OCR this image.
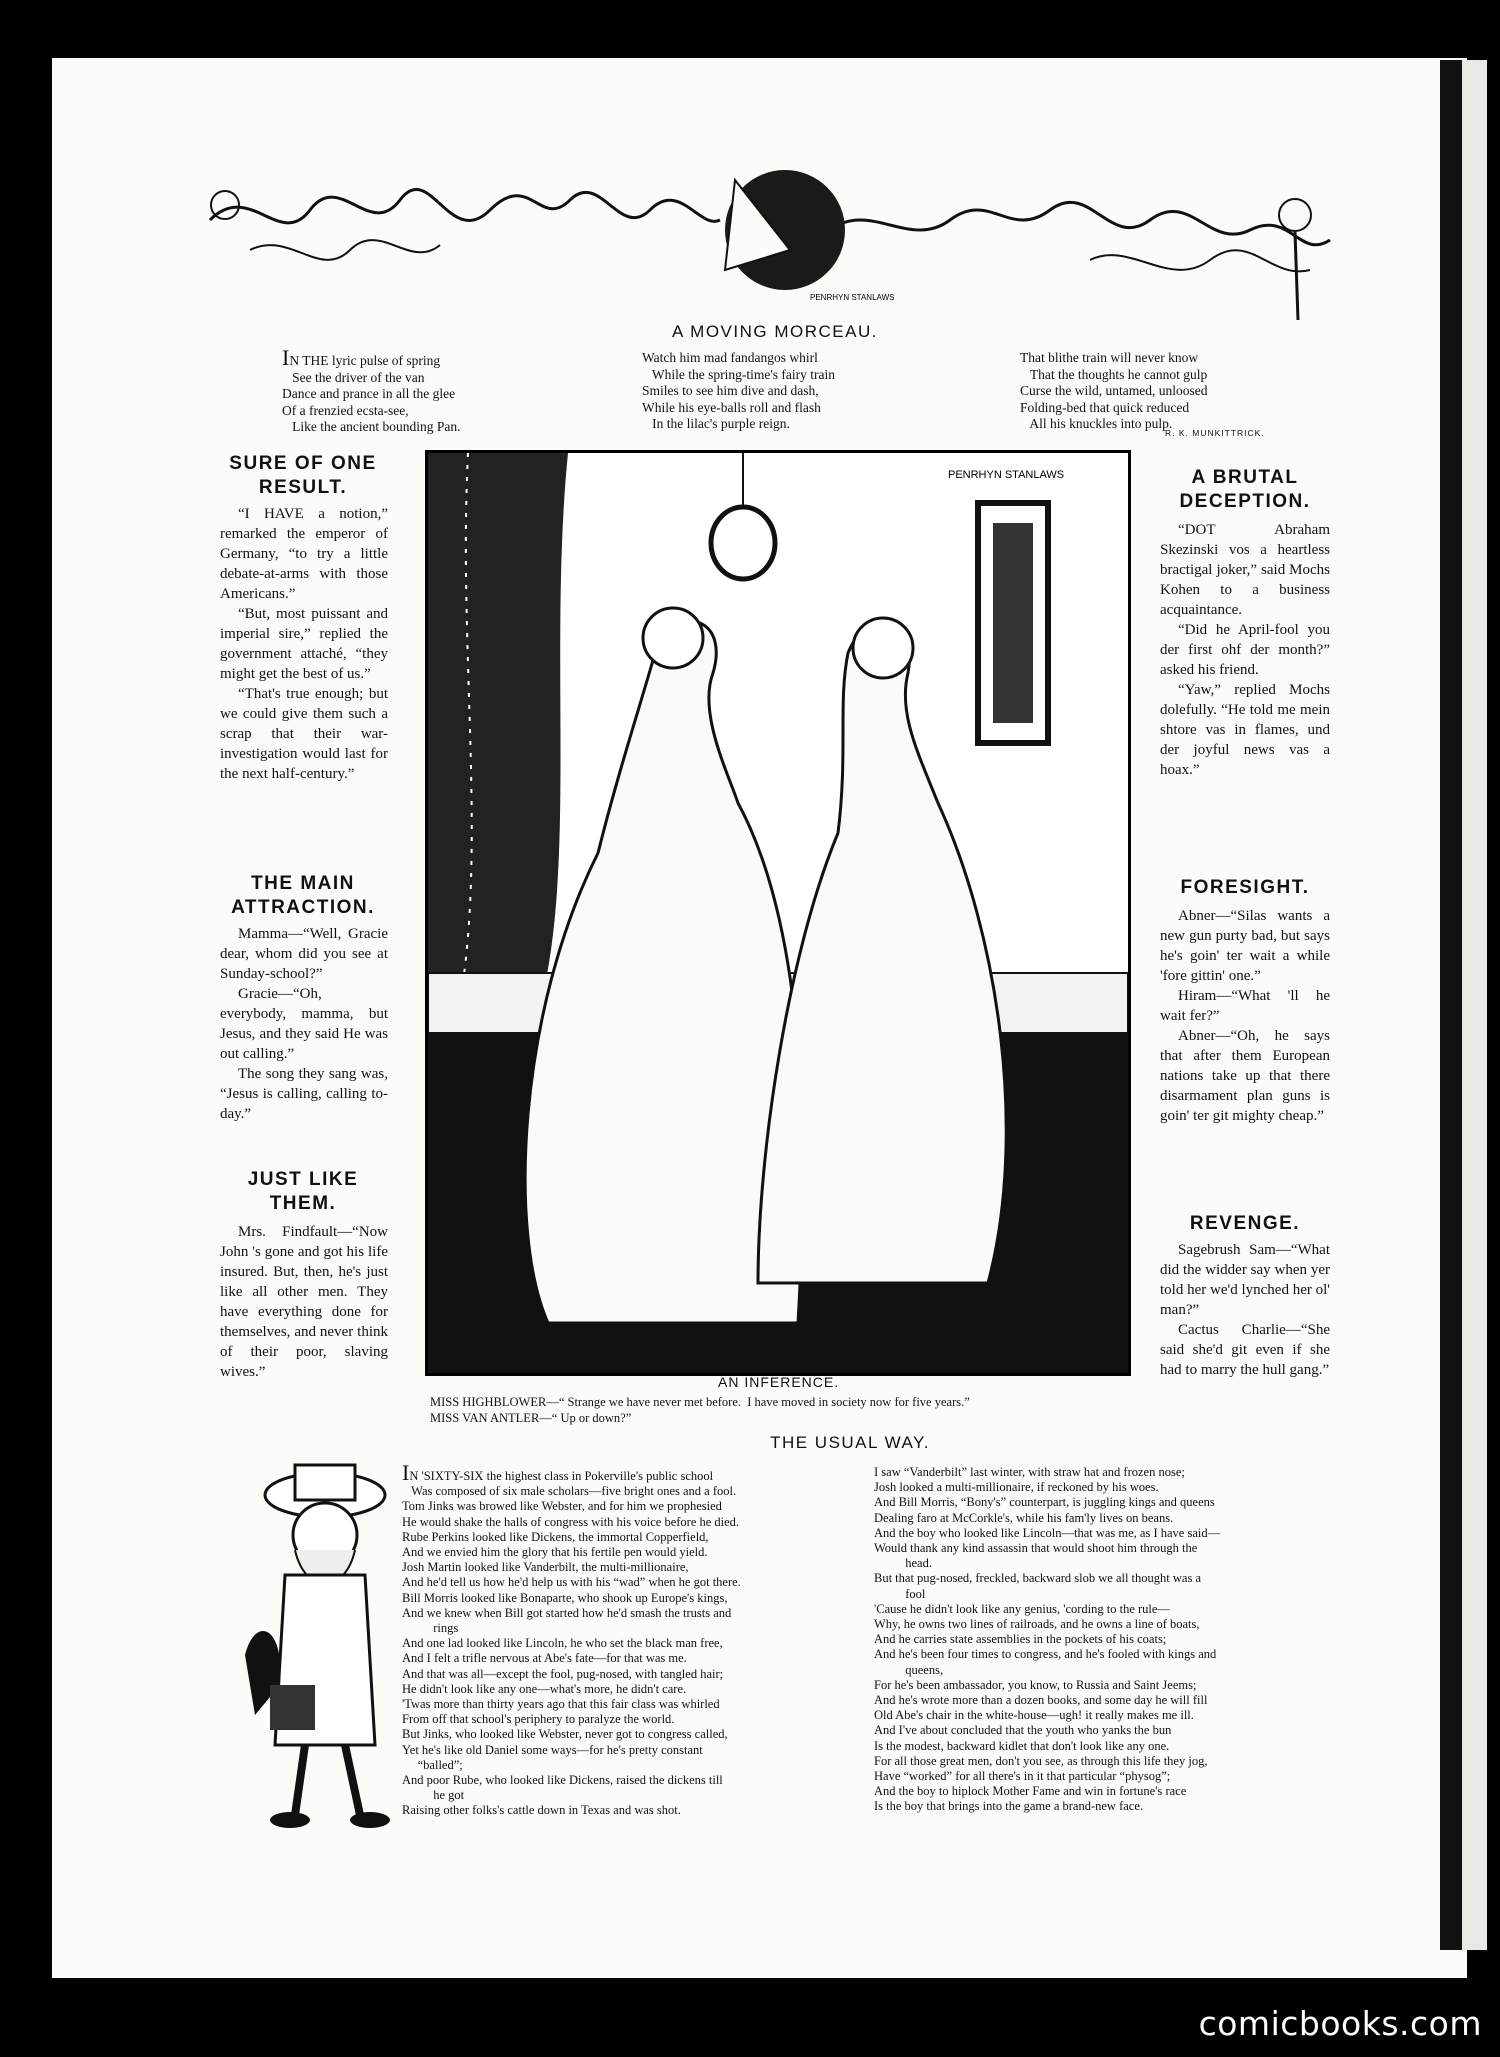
PENRHYN STANLAWS
A MOVING MORCEAU.
IN THE lyric pulse of spring
See the driver of the van
Dance and prance in all the glee
Of a frenzied ecsta-see,
Like the ancient bounding Pan.
Watch him mad fandangos whirl
While the spring-time's fairy train
Smiles to see him dive and dash,
While his eye-balls roll and flash
In the lilac's purple reign.
That blithe train will never know
That the thoughts he cannot gulp
Curse the wild, untamed, unloosed
Folding-bed that quick reduced
All his knuckles into pulp.
R. K. MUNKITTRICK.
SURE OF ONE RESULT.

“I HAVE a notion,” remarked the emperor of Germany, “to try a little debate-at-arms with those Americans.”

“But, most puissant and imperial sire,” replied the government attaché, “they might get the best of us.”

“That's true enough; but we could give them such a scrap that their war-investigation would last for the next half-century.”

THE MAIN ATTRACTION.

Mamma—“Well, Gracie dear, whom did you see at Sunday-school?”

Gracie—“Oh, everybody, mamma, but Jesus, and they said He was out calling.”

The song they sang was, “Jesus is calling, calling to-day.”

JUST LIKE THEM.

Mrs. Findfault—“Now John 's gone and got his life insured. But, then, he's just like all other men. They have everything done for themselves, and never think of their poor, slaving wives.”

PENRHYN STANLAWS
AN INFERENCE.
MISS HIGHBLOWER—“ Strange we have never met before.  I have moved in society now for five years.”
MISS VAN ANTLER—“ Up or down?”
A BRUTAL DECEPTION.

“DOT Abraham Skezinski vos a heartless bractigal joker,” said Mochs Kohen to a business acquaintance.

“Did he April-fool you der first ohf der month?” asked his friend.

“Yaw,” replied Mochs dolefully. “He told me mein shtore vas in flames, und der joyful news vas a hoax.”

FORESIGHT.

Abner—“Silas wants a new gun purty bad, but says he's goin' ter wait a while 'fore gittin' one.”

Hiram—“What 'll he wait fer?”

Abner—“Oh, he says that after them European nations take up that there disarmament plan guns is goin' ter git mighty cheap.”

REVENGE.

Sagebrush Sam—“What did the widder say when yer told her we'd lynched her ol' man?”

Cactus Charlie—“She said she'd git even if she had to marry the hull gang.”

THE USUAL WAY.
IN 'SIXTY-SIX the highest class in Pokerville's public school
Was composed of six male scholars—five bright ones and a fool.
Tom Jinks was browed like Webster, and for him we prophesied
He would shake the halls of congress with his voice before he died.
Rube Perkins looked like Dickens, the immortal Copperfield,
And we envied him the glory that his fertile pen would yield.
Josh Martin looked like Vanderbilt, the multi-millionaire,
And he'd tell us how he'd help us with his “wad” when he got there.
Bill Morris looked like Bonaparte, who shook up Europe's kings,
And we knew when Bill got started how he'd smash the trusts and
rings
And one lad looked like Lincoln, he who set the black man free,
And I felt a trifle nervous at Abe's fate—for that was me.
And that was all—except the fool, pug-nosed, with tangled hair;
He didn't look like any one—what's more, he didn't care.
'Twas more than thirty years ago that this fair class was whirled
From off that school's periphery to paralyze the world.
But Jinks, who looked like Webster, never got to congress called,
Yet he's like old Daniel some ways—for he's pretty constant
“balled”;
And poor Rube, who looked like Dickens, raised the dickens till
he got
Raising other folks's cattle down in Texas and was shot.
I saw “Vanderbilt” last winter, with straw hat and frozen nose;
Josh looked a multi-millionaire, if reckoned by his woes.
And Bill Morris, “Bony's” counterpart, is juggling kings and queens
Dealing faro at McCorkle's, while his fam'ly lives on beans.
And the boy who looked like Lincoln—that was me, as I have said—
Would thank any kind assassin that would shoot him through the
head.
But that pug-nosed, freckled, backward slob we all thought was a
fool
'Cause he didn't look like any genius, 'cording to the rule—
Why, he owns two lines of railroads, and he owns a line of boats,
And he carries state assemblies in the pockets of his coats;
And he's been four times to congress, and he's fooled with kings and
queens,
For he's been ambassador, you know, to Russia and Saint Jeems;
And he's wrote more than a dozen books, and some day he will fill
Old Abe's chair in the white-house—ugh! it really makes me ill.
And I've about concluded that the youth who yanks the bun
Is the modest, backward kidlet that don't look like any one.
For all those great men, don't you see, as through this life they jog,
Have “worked” for all there's in it that particular “physog”;
And the boy to hiplock Mother Fame and win in fortune's race
Is the boy that brings into the game a brand-new face.
comicbooks.com
